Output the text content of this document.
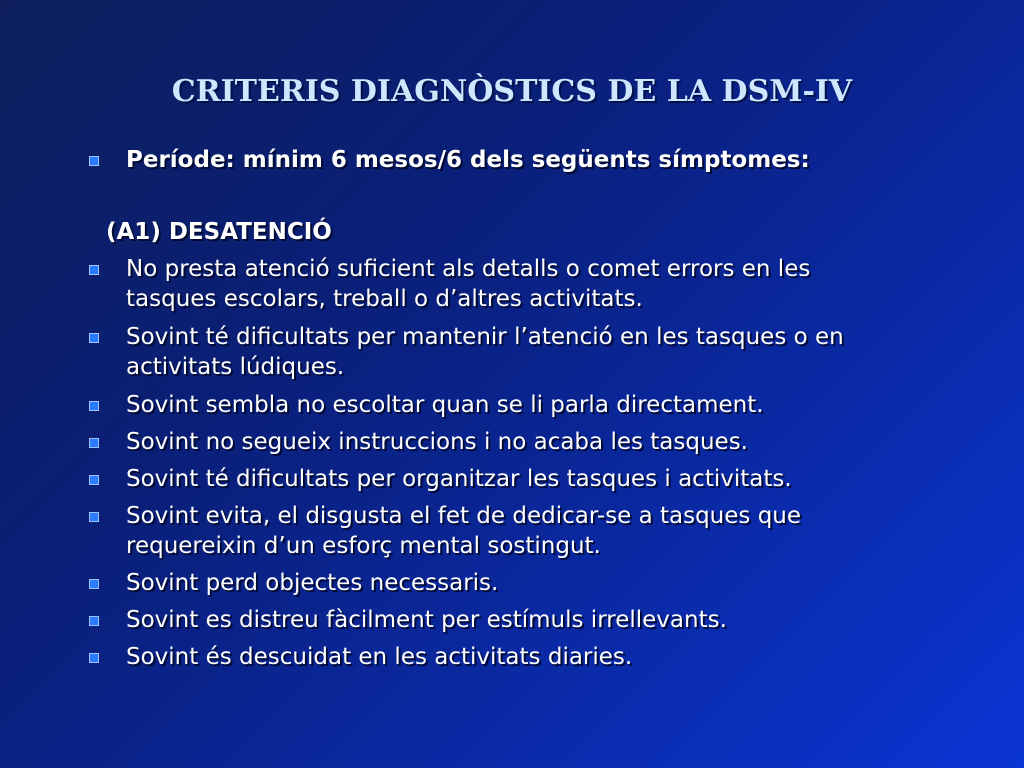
CRITERIS DIAGNÒSTICS DE LA DSM-IV
Període: mínim 6 mesos/6 dels següents símptomes:
(A1) DESATENCIÓ
No presta atenció suficient als detalls o comet errors en les
tasques escolars, treball o d’altres activitats.
Sovint té dificultats per mantenir l’atenció en les tasques o en
activitats lúdiques.
Sovint sembla no escoltar quan se li parla directament.
Sovint no segueix instruccions i no acaba les tasques.
Sovint té dificultats per organitzar les tasques i activitats.
Sovint evita, el disgusta el fet de dedicar-se a tasques que
requereixin d’un esforç mental sostingut.
Sovint perd objectes necessaris.
Sovint es distreu fàcilment per estímuls irrellevants.
Sovint és descuidat en les activitats diaries.
